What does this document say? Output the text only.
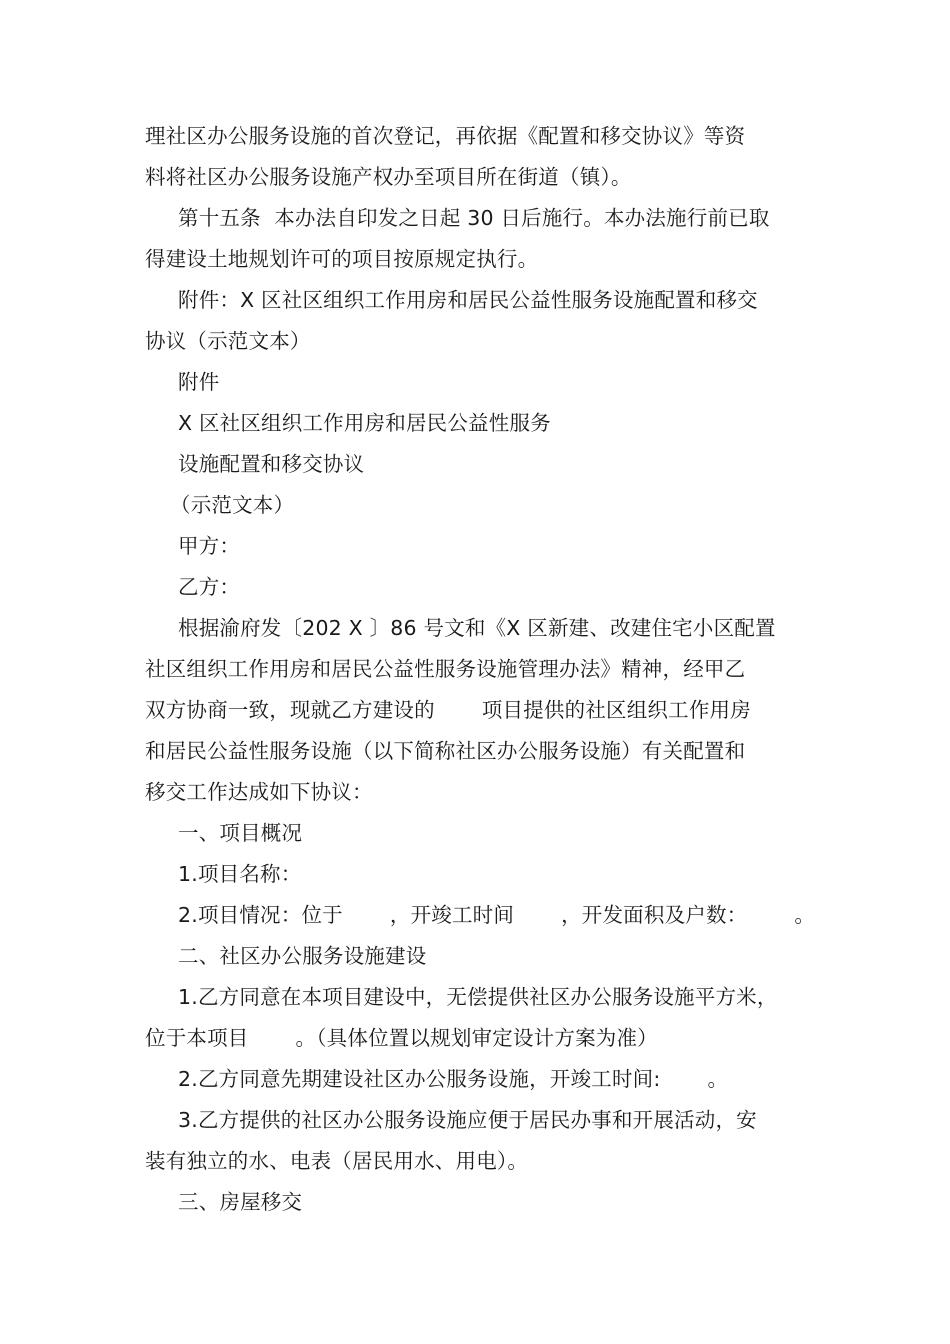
理社区办公服务设施的首次登记，再依据《配置和移交协议》等资
料将社区办公服务设施产权办至项目所在街道（镇）。
第十五条  本办法自印发之日起 30 日后施行。本办法施行前已取
得建设土地规划许可的项目按原规定执行。
附件：X 区社区组织工作用房和居民公益性服务设施配置和移交
协议（示范文本）
附件
X 区社区组织工作用房和居民公益性服务
设施配置和移交协议
（示范文本）
甲方：
乙方：
根据渝府发〔202 X 〕86 号文和《X 区新建、改建住宅小区配置
社区组织工作用房和居民公益性服务设施管理办法》精神，经甲乙
双方协商一致，现就乙方建设的       项目提供的社区组织工作用房
和居民公益性服务设施（以下简称社区办公服务设施）有关配置和
移交工作达成如下协议：
一、项目概况
1.项目名称：
2.项目情况：位于       ，开竣工时间       ，开发面积及户数：       。
二、社区办公服务设施建设
1.乙方同意在本项目建设中，无偿提供社区办公服务设施平方米，
位于本项目       。（具体位置以规划审定设计方案为准）
2.乙方同意先期建设社区办公服务设施，开竣工时间:       。
3.乙方提供的社区办公服务设施应便于居民办事和开展活动，安
装有独立的水、电表（居民用水、用电）。
三、房屋移交
